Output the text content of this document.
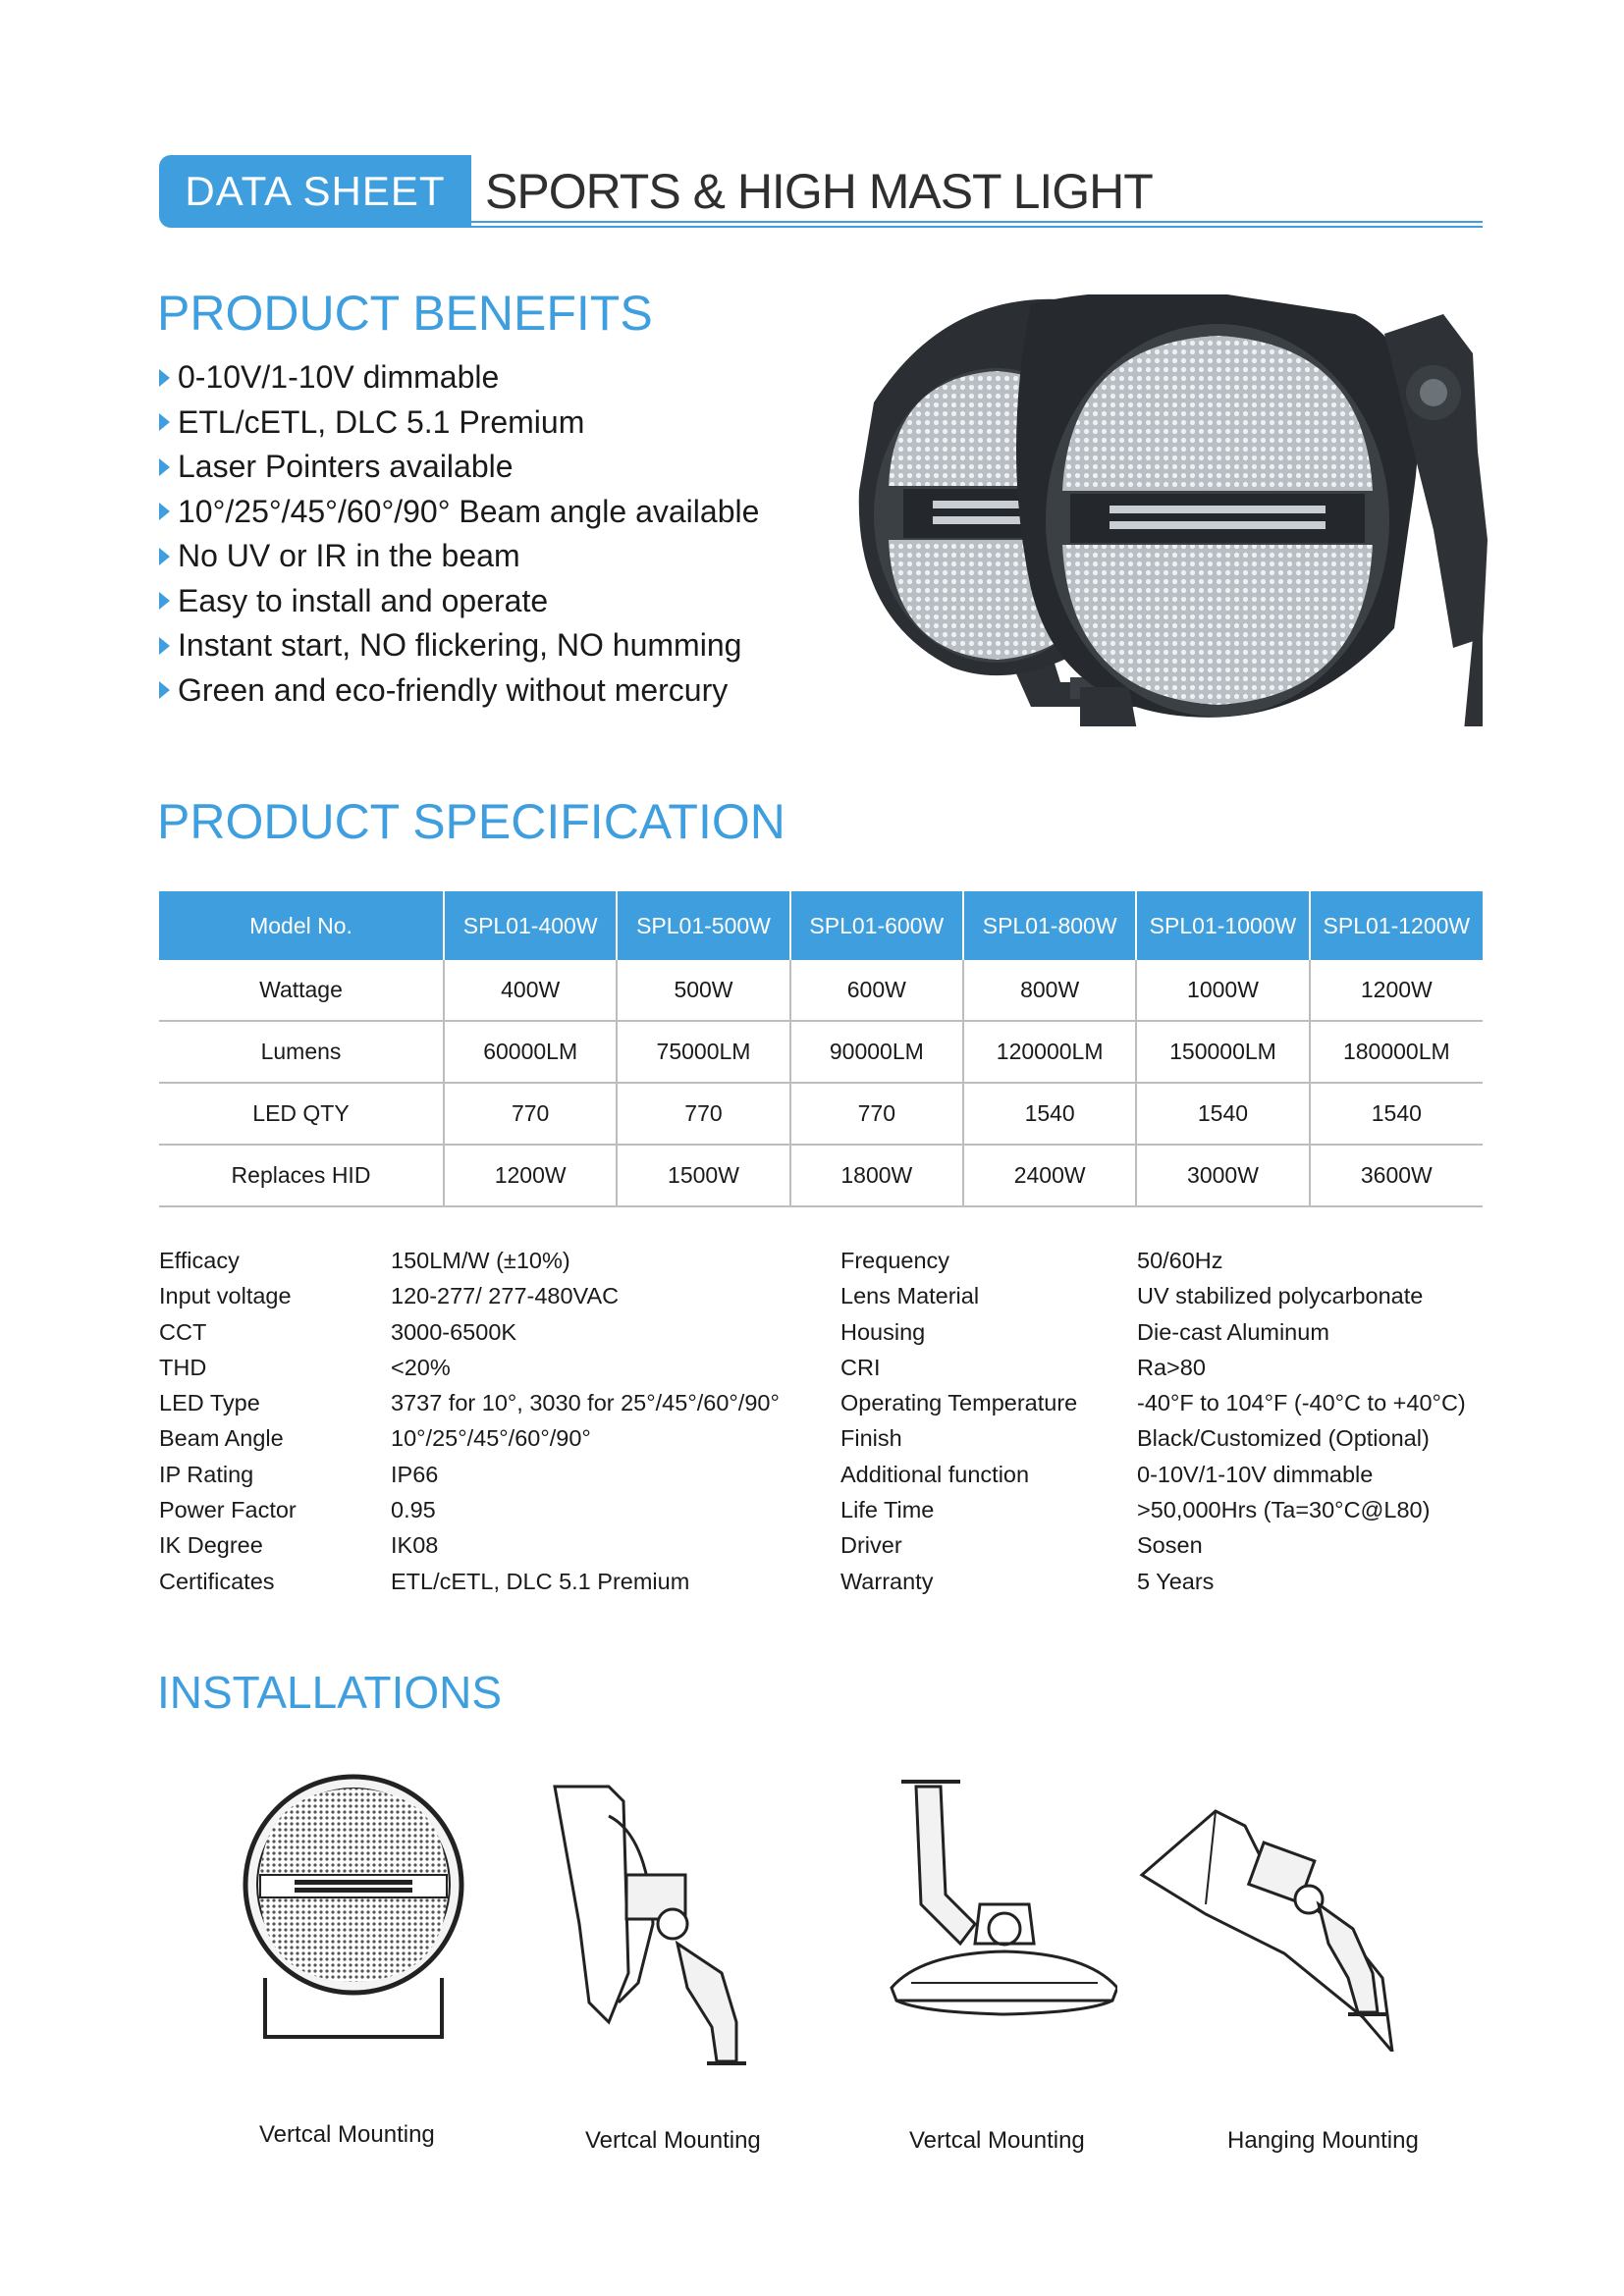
DATA SHEET SPORTS & HIGH MAST LIGHT
PRODUCT BENEFITS
0-10V/1-10V dimmable
ETL/cETL, DLC 5.1 Premium
Laser Pointers available
10°/25°/45°/60°/90° Beam angle available
No UV or IR in the beam
Easy to install and operate
Instant start, NO flickering, NO humming
Green and eco-friendly without mercury
PRODUCT SPECIFICATION
Model No.	SPL01-400W	SPL01-500W	SPL01-600W	SPL01-800W	SPL01-1000W	SPL01-1200W
Wattage	400W	500W	600W	800W	1000W	1200W
Lumens	60000LM	75000LM	90000LM	120000LM	150000LM	180000LM
LED QTY	770	770	770	1540	1540	1540
Replaces HID	1200W	1500W	1800W	2400W	3000W	3600W
Efficacy	150LM/W (±10%)
Input voltage	120-277/ 277-480VAC
CCT	3000-6500K
THD	<20%
LED Type	3737 for 10°, 3030 for 25°/45°/60°/90°
Beam Angle	10°/25°/45°/60°/90°
IP Rating	IP66
Power Factor	0.95
IK Degree	IK08
Certificates	ETL/cETL, DLC 5.1 Premium
Frequency	50/60Hz
Lens Material	UV stabilized polycarbonate
Housing	Die-cast Aluminum
CRI	Ra>80
Operating Temperature	-40°F to 104°F (-40°C to +40°C)
Finish	Black/Customized (Optional)
Additional function	0-10V/1-10V dimmable
Life Time	>50,000Hrs (Ta=30°C@L80)
Driver	Sosen
Warranty	5 Years
INSTALLATIONS
Vertcal Mounting	Vertcal Mounting	Vertcal Mounting	Hanging Mounting
